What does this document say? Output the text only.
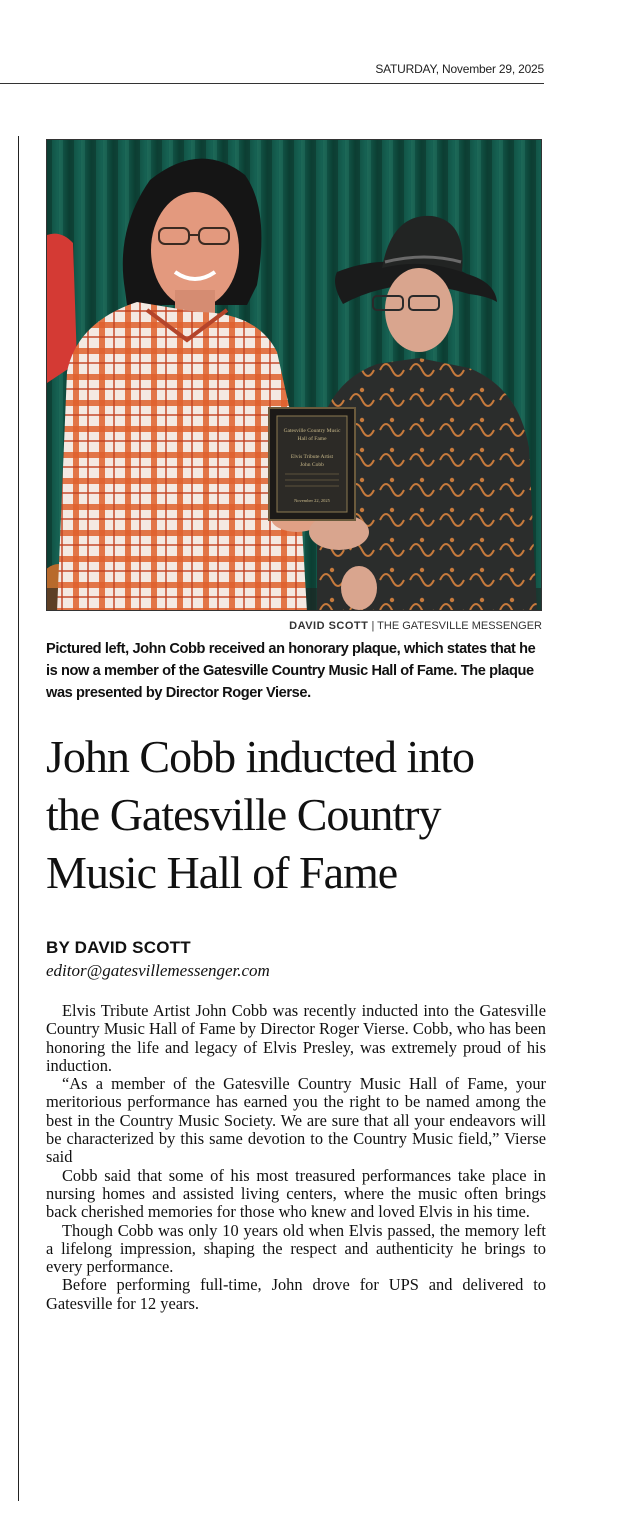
SATURDAY, November 29, 2025
Gatesville Country Music
Hall of Fame
Elvis Tribute Artist
John Cobb
November 22, 2025
DAVID SCOTT | THE GATESVILLE MESSENGER
Pictured left, John Cobb received an honorary plaque, which states that he is now a member of the Gatesville Country Music Hall of Fame. The plaque was presented by Director Roger Vierse.
John Cobb inducted into
the Gatesville Country
Music Hall of Fame
BY DAVID SCOTT
editor@gatesvillemessenger.com

Elvis Tribute Artist John Cobb was recently inducted into the Gatesville Country Music Hall of Fame by Director Roger Vierse. Cobb, who has been honoring the life and legacy of Elvis Presley, was extremely proud of his induction.

“As a member of the Gatesville Country Music Hall of Fame, your meritorious performance has earned you the right to be named among the best in the Country Music Society. We are sure that all your endeavors will be characterized by this same devotion to the Country Music field,” Vierse said

Cobb said that some of his most treasured performances take place in nursing homes and assisted living centers, where the music often brings back cherished memories for those who knew and loved Elvis in his time.

Though Cobb was only 10 years old when Elvis passed, the memory left a lifelong impression, shaping the respect and authenticity he brings to every performance.

Before performing full-time, John drove for UPS and delivered to Gatesville for 12 years.
